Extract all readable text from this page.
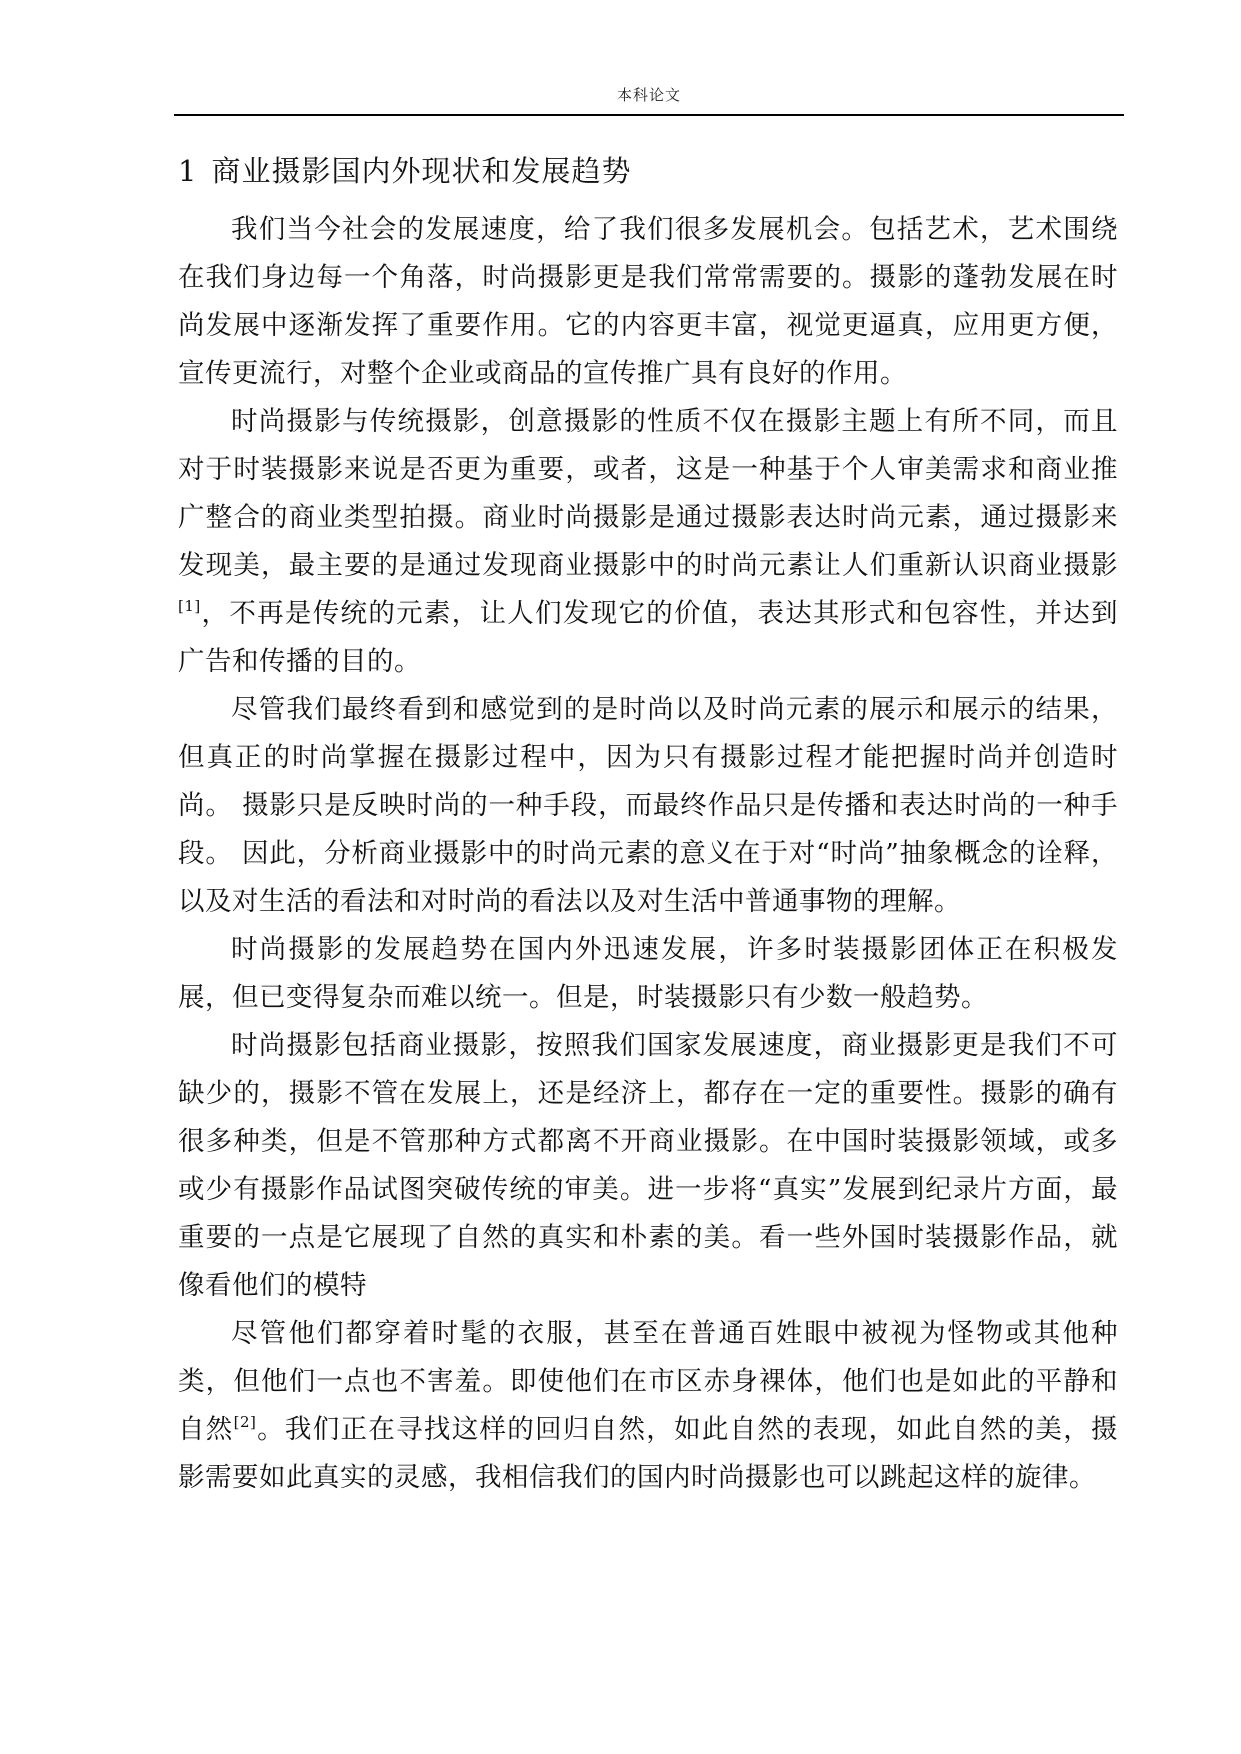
本科论文
1 商业摄影国内外现状和发展趋势

我们当今社会的发展速度，给了我们很多发展机会。包括艺术，艺术围绕在我们身边每一个角落，时尚摄影更是我们常常需要的。摄影的蓬勃发展在时尚发展中逐渐发挥了重要作用。它的内容更丰富，视觉更逼真，应用更方便，宣传更流行，对整个企业或商品的宣传推广具有良好的作用。

时尚摄影与传统摄影，创意摄影的性质不仅在摄影主题上有所不同，而且对于时装摄影来说是否更为重要，或者，这是一种基于个人审美需求和商业推广整合的商业类型拍摄。商业时尚摄影是通过摄影表达时尚元素，通过摄影来发现美，最主要的是通过发现商业摄影中的时尚元素让人们重新认识商业摄影[1]，不再是传统的元素，让人们发现它的价值，表达其形式和包容性，并达到广告和传播的目的。

尽管我们最终看到和感觉到的是时尚以及时尚元素的展示和展示的结果，但真正的时尚掌握在摄影过程中，因为只有摄影过程才能把握时尚并创造时尚。 摄影只是反映时尚的一种手段，而最终作品只是传播和表达时尚的一种手段。 因此，分析商业摄影中的时尚元素的意义在于对“时尚”抽象概念的诠释，以及对生活的看法和对时尚的看法以及对生活中普通事物的理解。

时尚摄影的发展趋势在国内外迅速发展，许多时装摄影团体正在积极发展，但已变得复杂而难以统一。但是，时装摄影只有少数一般趋势。

时尚摄影包括商业摄影，按照我们国家发展速度，商业摄影更是我们不可缺少的，摄影不管在发展上，还是经济上，都存在一定的重要性。摄影的确有很多种类，但是不管那种方式都离不开商业摄影。在中国时装摄影领域，或多或少有摄影作品试图突破传统的审美。进一步将“真实”发展到纪录片方面，最重要的一点是它展现了自然的真实和朴素的美。看一些外国时装摄影作品，就像看他们的模特

尽管他们都穿着时髦的衣服，甚至在普通百姓眼中被视为怪物或其他种类，但他们一点也不害羞。即使他们在市区赤身裸体，他们也是如此的平静和自然[2]。我们正在寻找这样的回归自然，如此自然的表现，如此自然的美，摄影需要如此真实的灵感，我相信我们的国内时尚摄影也可以跳起这样的旋律。
